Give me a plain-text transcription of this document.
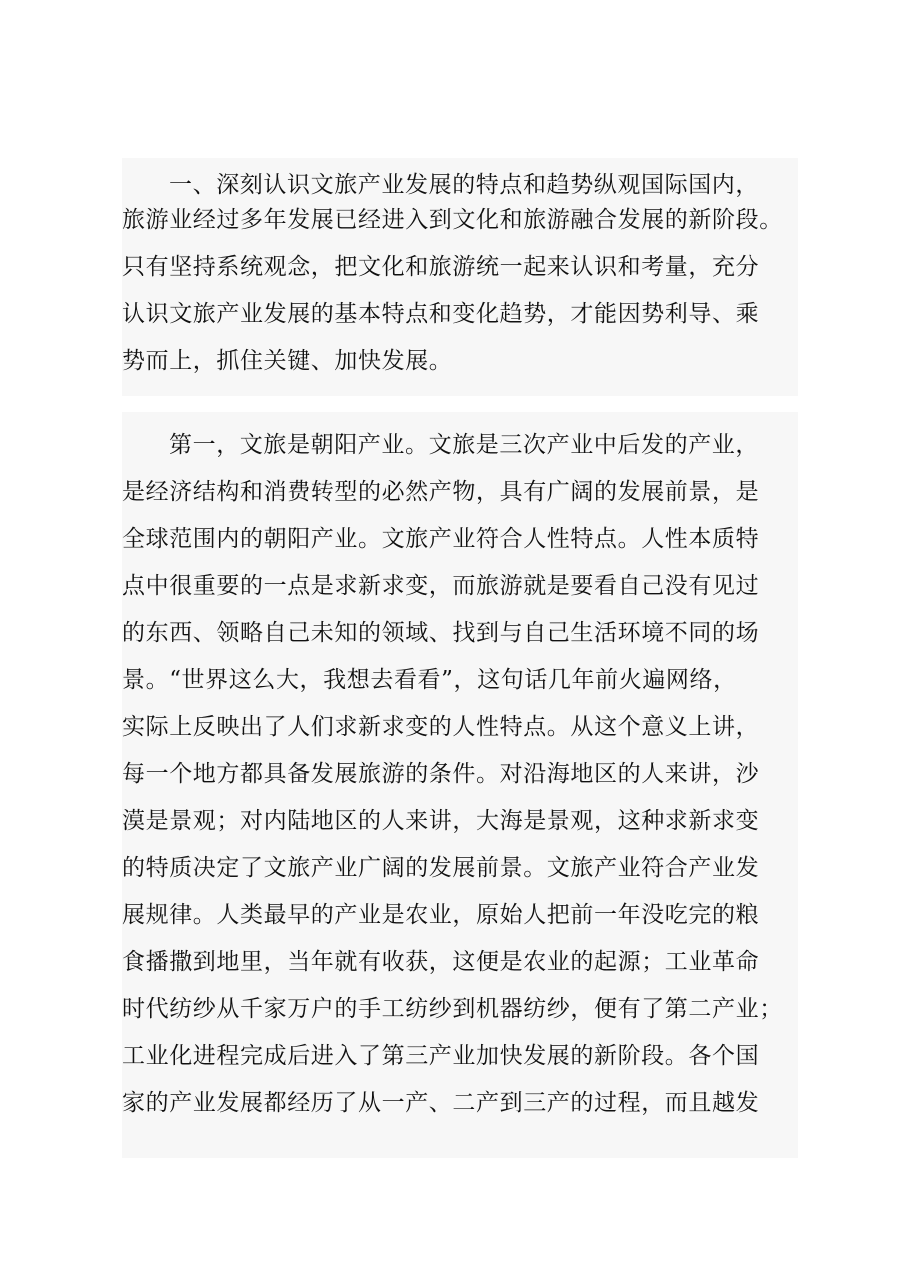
一、深刻认识文旅产业发展的特点和趋势纵观国际国内，
旅游业经过多年发展已经进入到文化和旅游融合发展的新阶段。
只有坚持系统观念，把文化和旅游统一起来认识和考量，充分
认识文旅产业发展的基本特点和变化趋势，才能因势利导、乘
势而上，抓住关键、加快发展。
第一，文旅是朝阳产业。文旅是三次产业中后发的产业，
是经济结构和消费转型的必然产物，具有广阔的发展前景，是
全球范围内的朝阳产业。文旅产业符合人性特点。人性本质特
点中很重要的一点是求新求变，而旅游就是要看自己没有见过
的东西、领略自己未知的领域、找到与自己生活环境不同的场
景。“世界这么大，我想去看看”，这句话几年前火遍网络，
实际上反映出了人们求新求变的人性特点。从这个意义上讲，
每一个地方都具备发展旅游的条件。对沿海地区的人来讲，沙
漠是景观；对内陆地区的人来讲，大海是景观，这种求新求变
的特质决定了文旅产业广阔的发展前景。文旅产业符合产业发
展规律。人类最早的产业是农业，原始人把前一年没吃完的粮
食播撒到地里，当年就有收获，这便是农业的起源；工业革命
时代纺纱从千家万户的手工纺纱到机器纺纱，便有了第二产业；
工业化进程完成后进入了第三产业加快发展的新阶段。各个国
家的产业发展都经历了从一产、二产到三产的过程，而且越发
